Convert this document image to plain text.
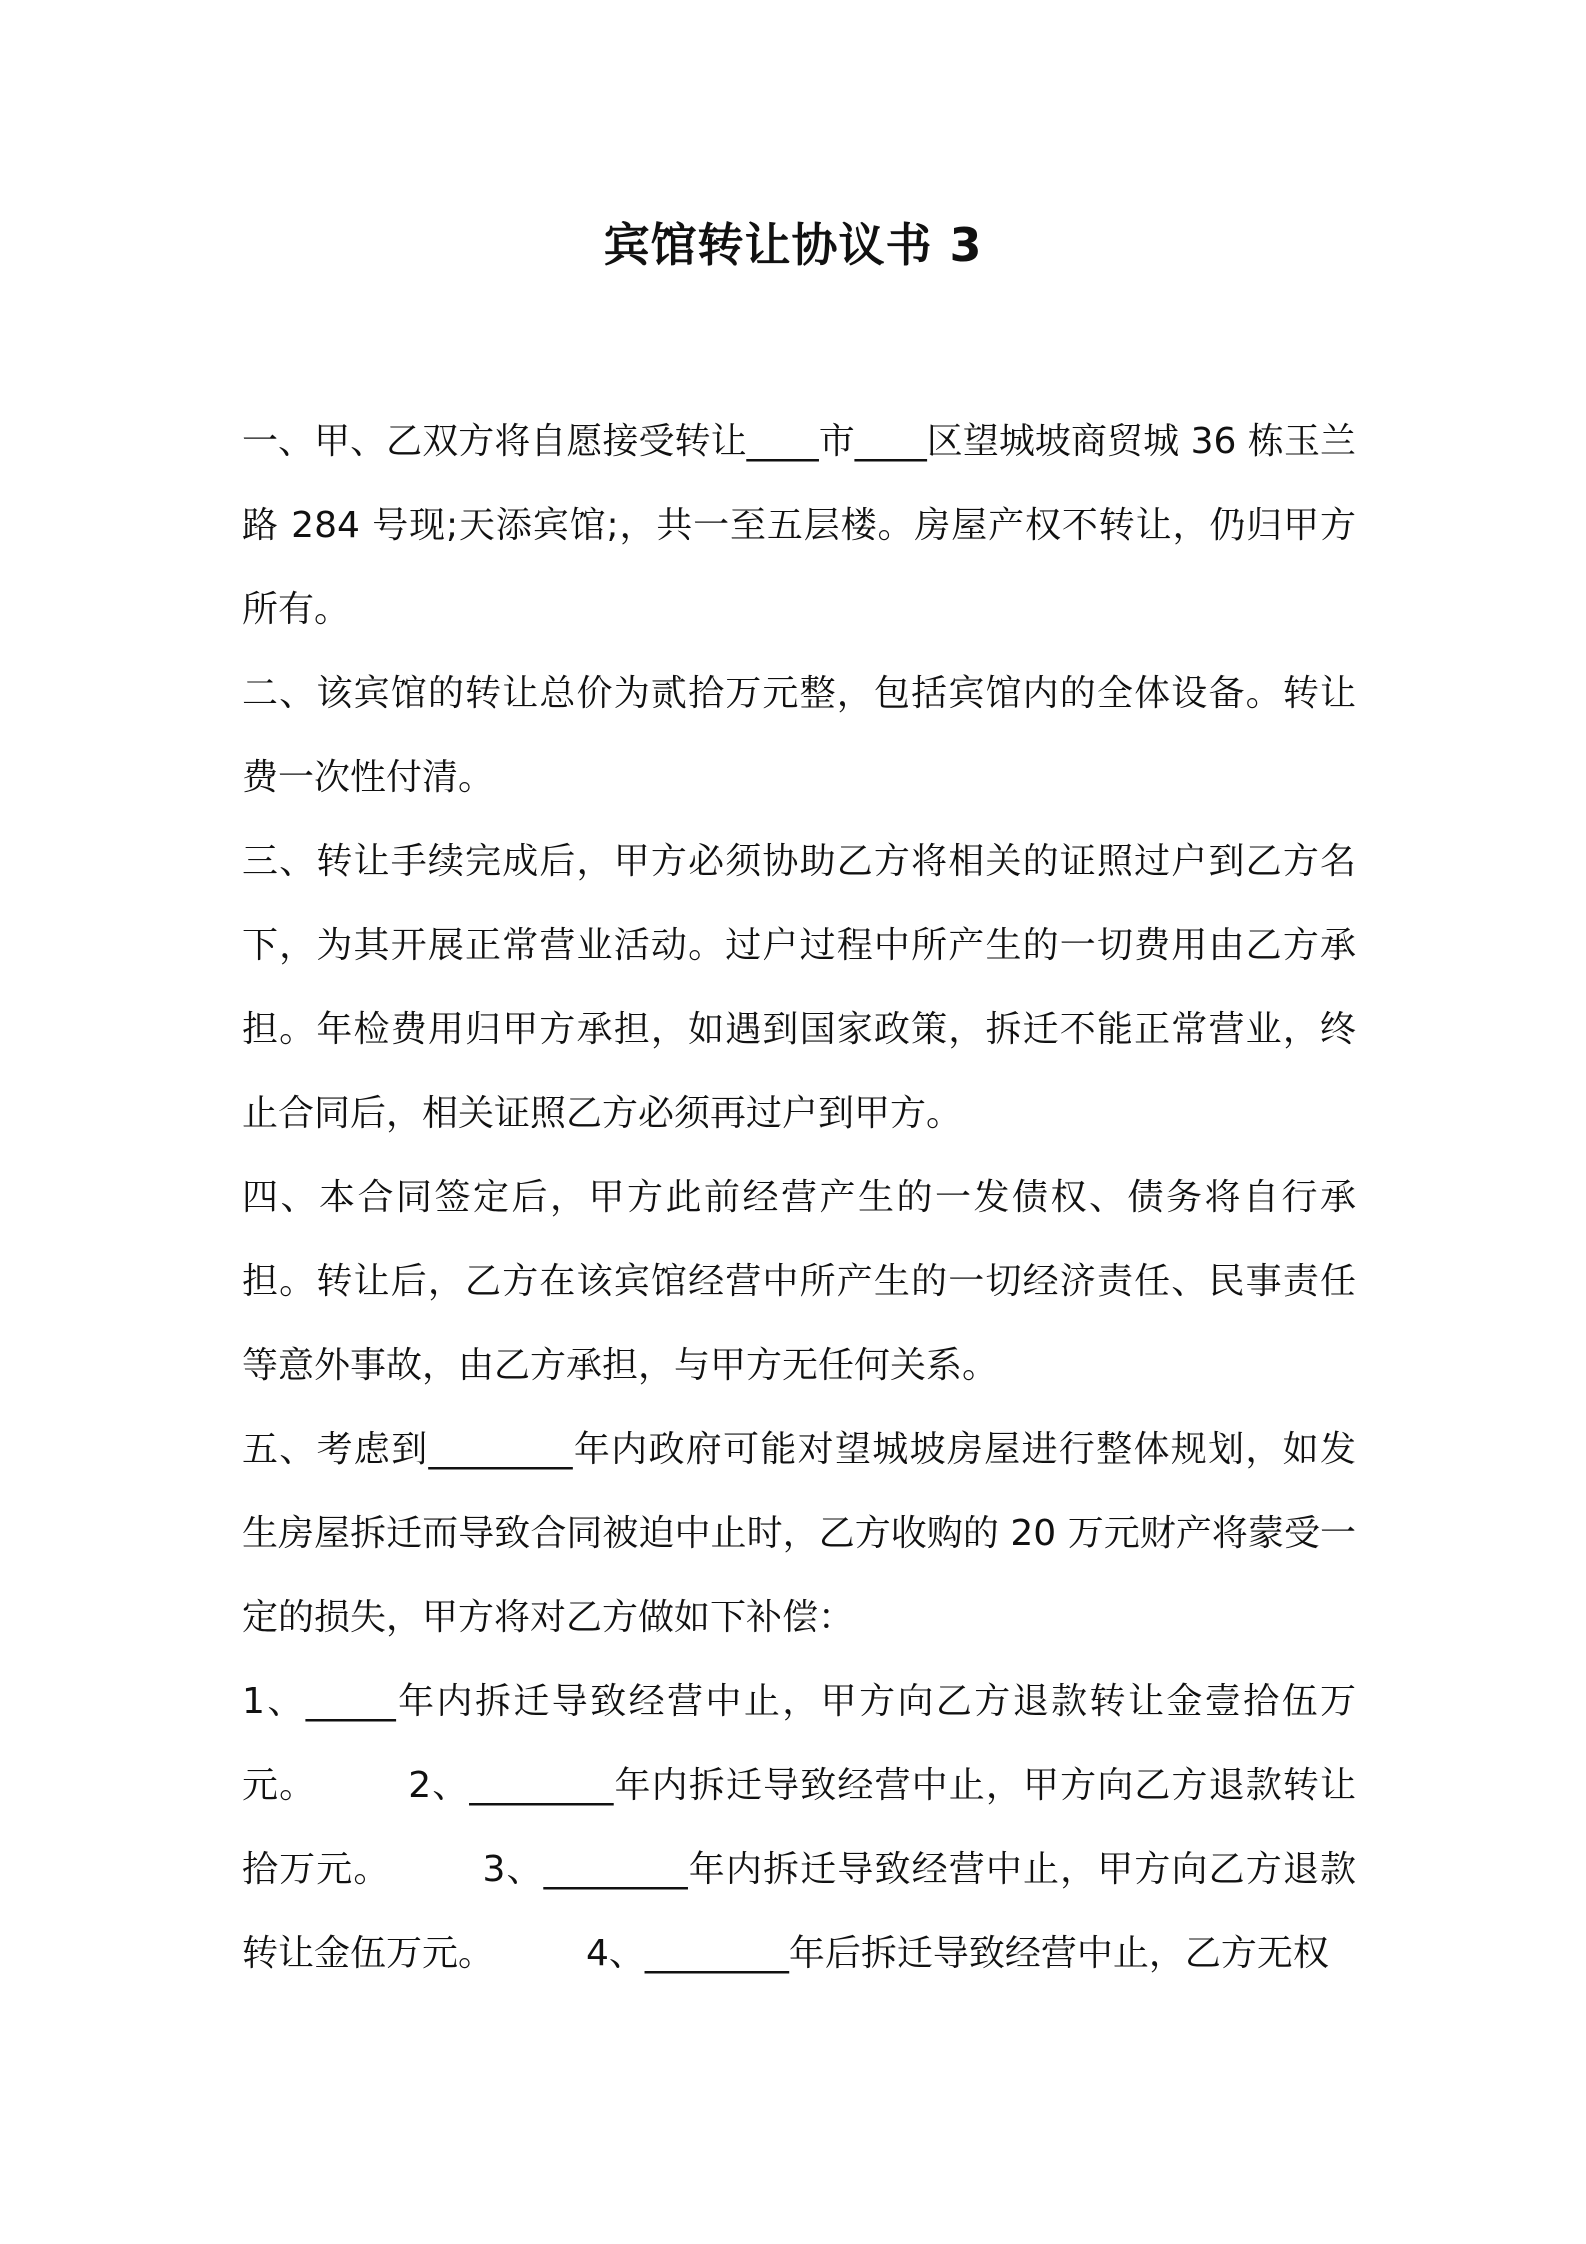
宾馆转让协议书 3

一、甲、乙双方将自愿接受转让____市____区望城坡商贸城 36 栋玉兰路 284 号现;天添宾馆;，共一至五层楼。房屋产权不转让，仍归甲方所有。

二、该宾馆的转让总价为贰拾万元整，包括宾馆内的全体设备。转让费一次性付清。

三、转让手续完成后，甲方必须协助乙方将相关的证照过户到乙方名下，为其开展正常营业活动。过户过程中所产生的一切费用由乙方承担。年检费用归甲方承担，如遇到国家政策，拆迁不能正常营业，终止合同后，相关证照乙方必须再过户到甲方。

四、本合同签定后，甲方此前经营产生的一发债权、债务将自行承担。转让后，乙方在该宾馆经营中所产生的一切经济责任、民事责任等意外事故，由乙方承担，与甲方无任何关系。

五、考虑到________年内政府可能对望城坡房屋进行整体规划，如发生房屋拆迁而导致合同被迫中止时，乙方收购的 20 万元财产将蒙受一定的损失，甲方将对乙方做如下补偿：

1、_____年内拆迁导致经营中止，甲方向乙方退款转让金壹拾伍万元。	2、________年内拆迁导致经营中止，甲方向乙方退款转让拾万元。	3、________年内拆迁导致经营中止，甲方向乙方退款转让金伍万元。	4、________年后拆迁导致经营中止，乙方无权
